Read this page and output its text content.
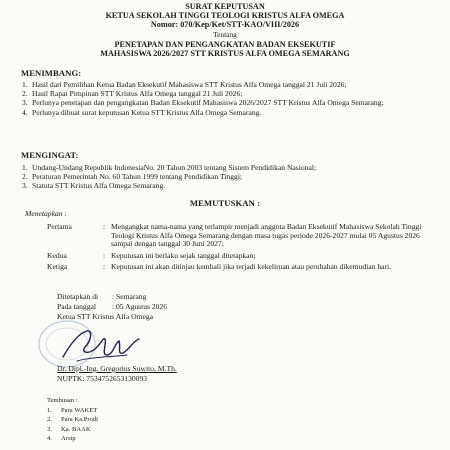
SURAT KEPUTUSAN
KETUA SEKOLAH TINGGI TEOLOGI KRISTUS ALFA OMEGA
Nomor: 070/Kep/Ket/STT-KAO/VIII/2026
Tentang
PENETAPAN DAN PENGANGKATAN BADAN EKSEKUTIF
MAHASISWA 2026/2027 STT KRISTUS ALFA OMEGA SEMARANG
MENIMBANG:
1. Hasil dari Pemilihan Ketua Badan Eksekutif Mahasiswa STT Kristus Alfa Omega tanggal 21 Juli 2026;
2. Hasil Rapat Pimpinan STT Kristus Alfa Omega tanggal 21 Juli 2026;
3. Perlunya penetapan dan pengangkatan Badan Eksekutif Mahasiswa 2026/2027 STT Kristus Alfa Omega Semarang;
4. Perlunya dibuat surat keputusan Ketua STT Kristus Alfa Omega Semarang.
MENGINGAT:
1. Undang-Undang Republik IndonesiaNo. 20 Tahun 2003 tentang Sistem Pendidikan Nasional;
2. Peraturan Pemerintah No. 60 Tahun 1999 tentang Pendidikan Tinggi;
3. Statuta STT Kristus Alfa Omega Semarang.
MEMUTUSKAN :
Menetapkan :
Pertama	: Mengangkat nama-nama yang terlampir menjadi anggota Badan Eksekutif Mahasiswa Sekolah Tinggi Teologi Kristus Alfa Omega Semarang dengan masa tugas periode 2026-2027 mulai 05 Agustus 2026 sampai dengan tanggal 30 Juni 2027;
Kedua	: Keputusan ini berlaku sejak tanggal ditetapkan;
Ketiga	: Keputusan ini akan ditinjau kembali jika terjadi kekeliruan atau perubahan dikemudian hari.
Ditetapkan di	: Semarang
Pada tanggal	: 05 Agustus 2026
Ketua STT Kristus Alfa Omega
Dr. Dipl.-Ing. Gregorius Suwito, M.Th.
NUPTK: 7534752653130093
Tembusan :
1.	Para WAKET
2.	Para Ka.Prodi
3.	Ka. BAAK
4.	Arsip
